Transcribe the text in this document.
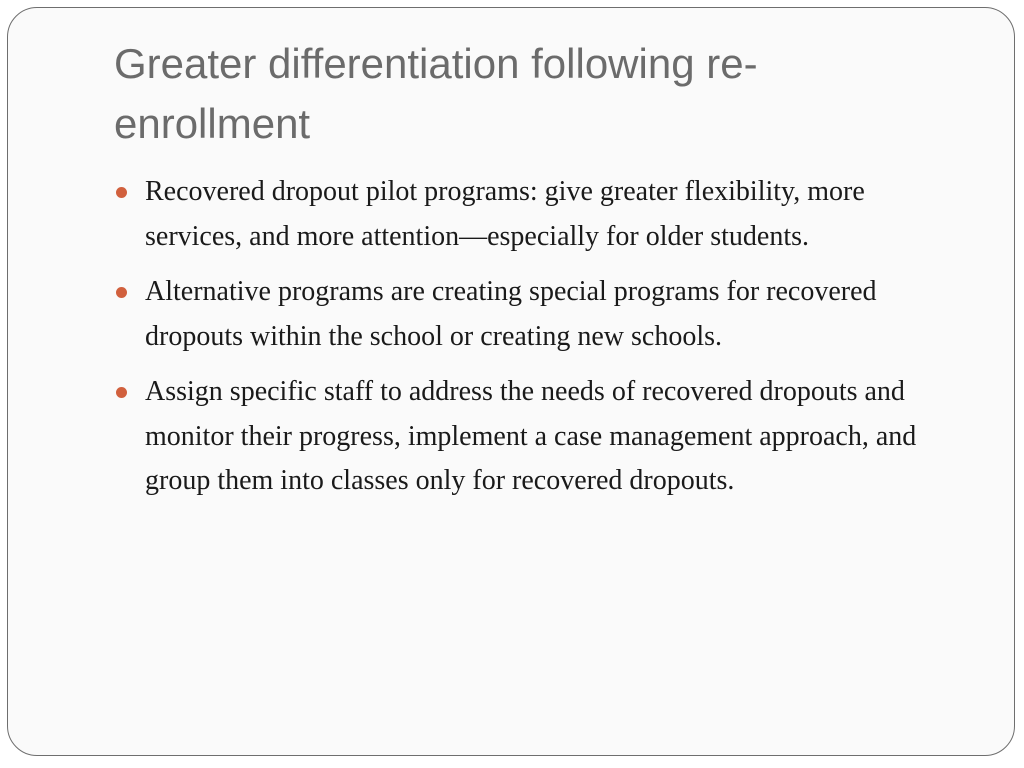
Greater differentiation following re-enrollment
Recovered dropout pilot programs: give greater flexibility, more services, and more attention—especially for older students.
Alternative programs are creating special programs for recovered dropouts within the school or creating new schools.
Assign specific staff to address the needs of recovered dropouts and monitor their progress, implement a case management approach, and group them into classes only for recovered dropouts.
